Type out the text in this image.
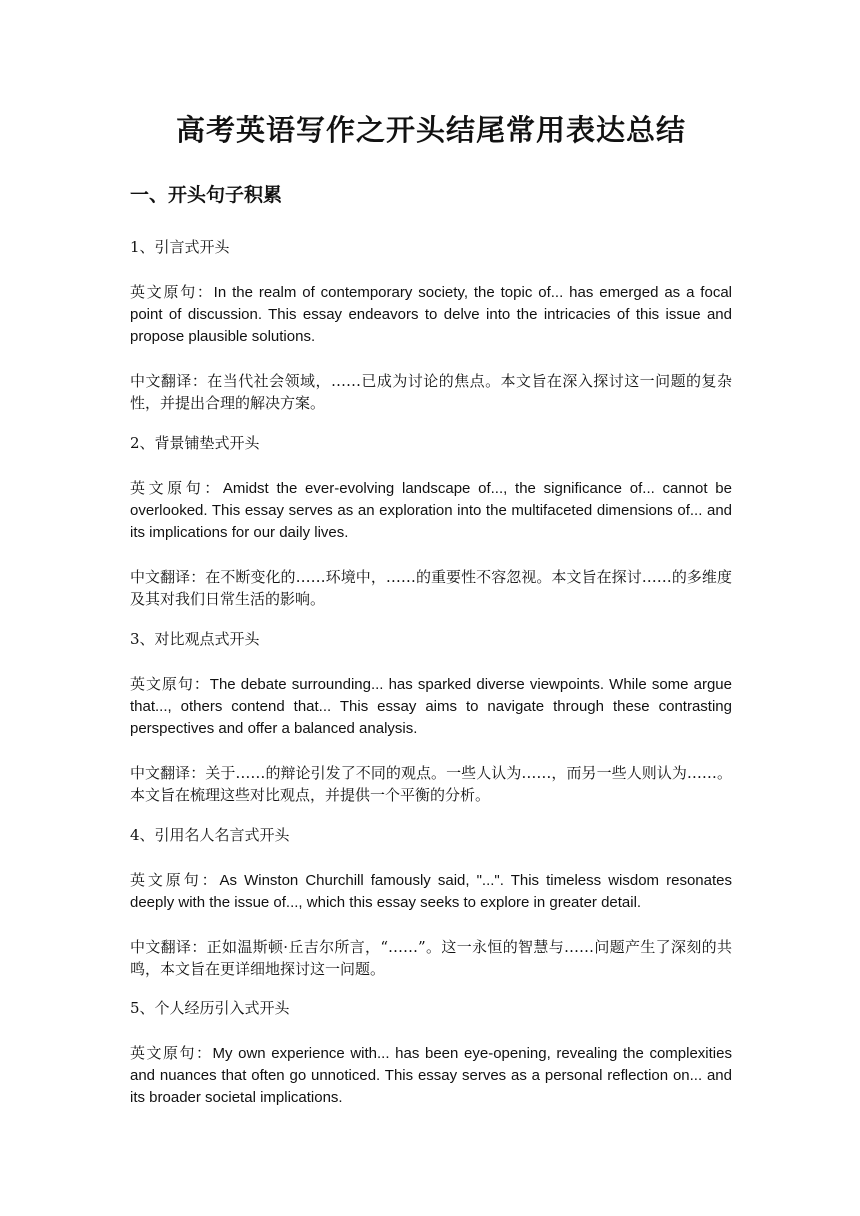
高考英语写作之开头结尾常用表达总结
一、开头句子积累

1、引言式开头

英文原句：In the realm of contemporary society, the topic of... has emerged as a focal point of discussion. This essay endeavors to delve into the intricacies of this issue and propose plausible solutions.

中文翻译：在当代社会领域，……已成为讨论的焦点。本文旨在深入探讨这一问题的复杂性，并提出合理的解决方案。

2、背景铺垫式开头

英文原句：Amidst the ever-evolving landscape of..., the significance of... cannot be overlooked. This essay serves as an exploration into the multifaceted dimensions of... and its implications for our daily lives.

中文翻译：在不断变化的……环境中，……的重要性不容忽视。本文旨在探讨……的多维度及其对我们日常生活的影响。

3、对比观点式开头

英文原句：The debate surrounding... has sparked diverse viewpoints. While some argue that..., others contend that... This essay aims to navigate through these contrasting perspectives and offer a balanced analysis.

中文翻译：关于……的辩论引发了不同的观点。一些人认为……，而另一些人则认为……。本文旨在梳理这些对比观点，并提供一个平衡的分析。

4、引用名人名言式开头

英文原句：As Winston Churchill famously said, "...". This timeless wisdom resonates deeply with the issue of..., which this essay seeks to explore in greater detail.

中文翻译：正如温斯顿·丘吉尔所言，“……”。这一永恒的智慧与……问题产生了深刻的共鸣，本文旨在更详细地探讨这一问题。

5、个人经历引入式开头

英文原句：My own experience with... has been eye-opening, revealing the complexities and nuances that often go unnoticed. This essay serves as a personal reflection on... and its broader societal implications.
